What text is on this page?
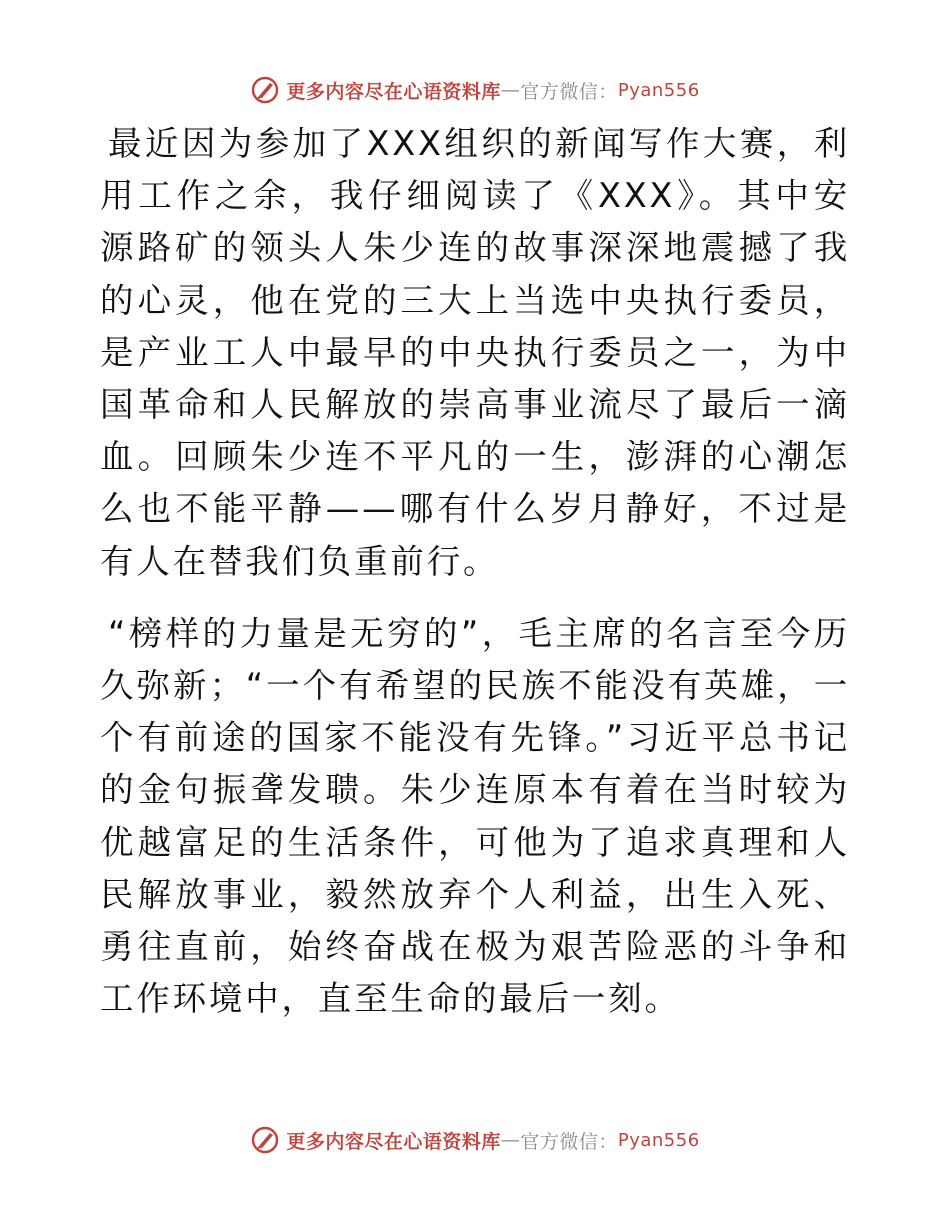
更多内容尽在心语资料库 — 官方微信： Pyan556

最近因为参加了XXX组织的新闻写作大赛，利用工作之余，我仔细阅读了《XXX》。其中安源路矿的领头人朱少连的故事深深地震撼了我的心灵，他在党的三大上当选中央执行委员，是产业工人中最早的中央执行委员之一，为中国革命和人民解放的崇高事业流尽了最后一滴血。回顾朱少连不平凡的一生，澎湃的心潮怎么也不能平静——哪有什么岁月静好，不过是有人在替我们负重前行。

“榜样的力量是无穷的”，毛主席的名言至今历久弥新；“一个有希望的民族不能没有英雄，一个有前途的国家不能没有先锋。”习近平总书记的金句振聋发聩。朱少连原本有着在当时较为优越富足的生活条件，可他为了追求真理和人民解放事业，毅然放弃个人利益，出生入死、勇往直前，始终奋战在极为艰苦险恶的斗争和工作环境中，直至生命的最后一刻。

更多内容尽在心语资料库 — 官方微信： Pyan556
